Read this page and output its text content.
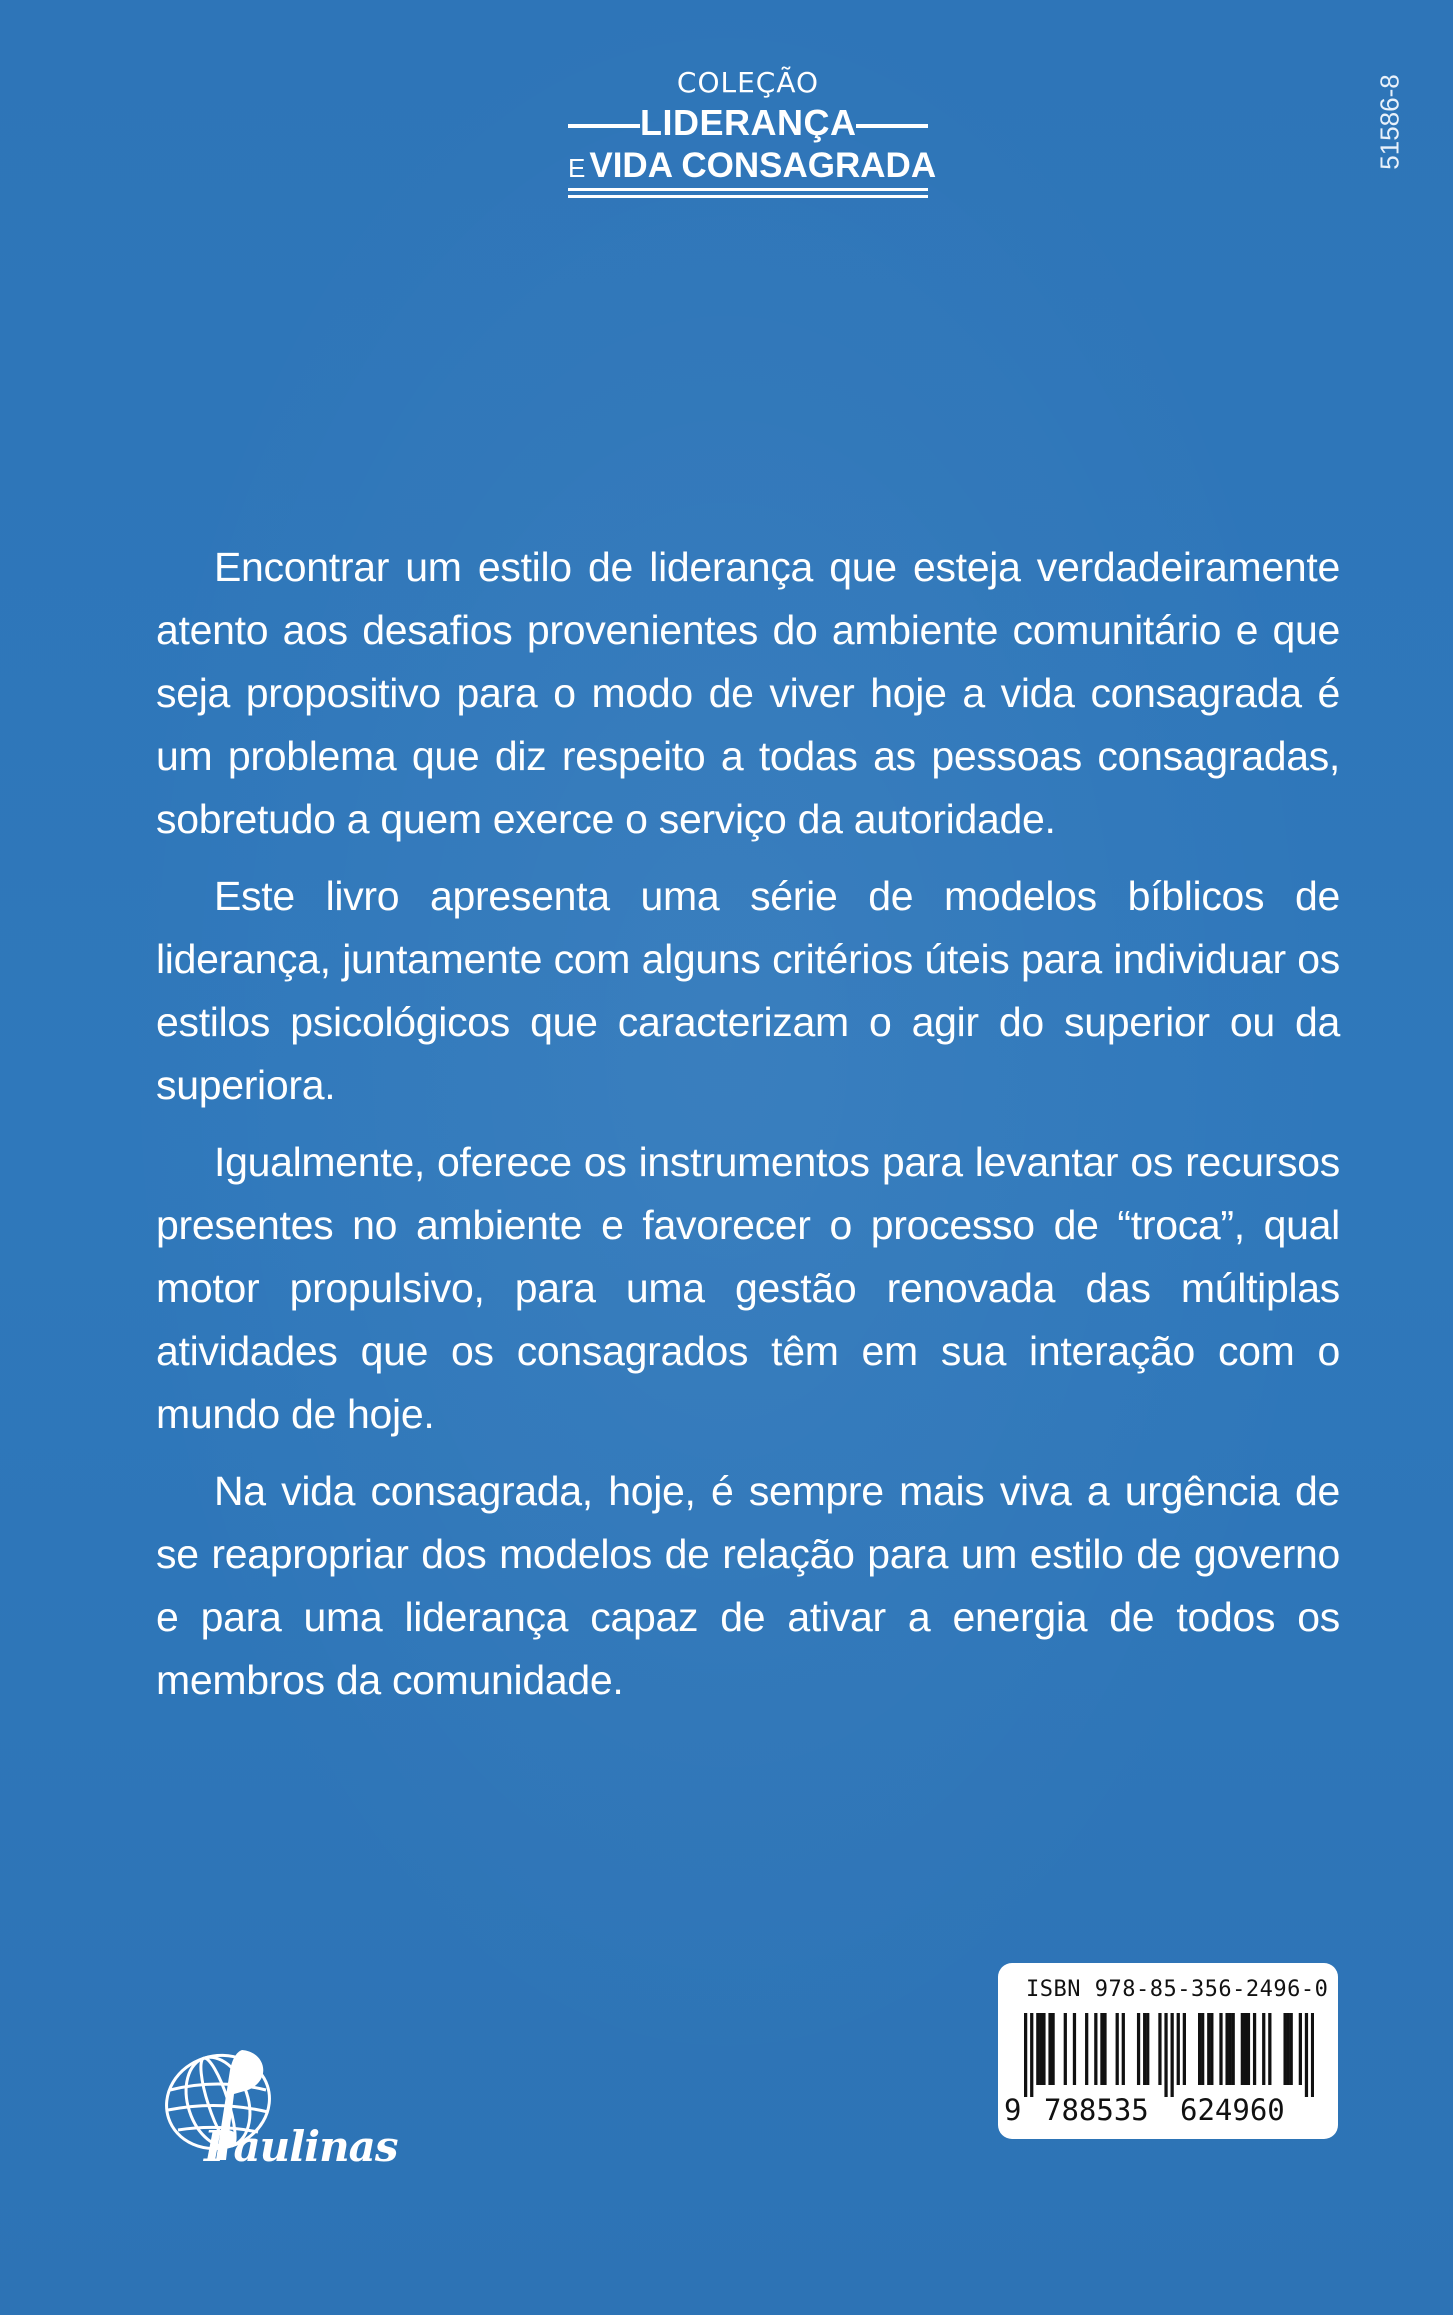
COLEÇÃO
LIDERANÇA
E VIDA CONSAGRADA	51586-8

Encontrar um estilo de liderança que esteja verdadeiramente atento aos desafios provenientes do ambiente comunitário e que seja propositivo para o modo de viver hoje a vida consagrada é um problema que diz respeito a todas as pessoas consagradas, sobretudo a quem exerce o serviço da autoridade.

Este livro apresenta uma série de modelos bíblicos de liderança, juntamente com alguns critérios úteis para individuar os estilos psicológicos que caracterizam o agir do superior ou da superiora.

Igualmente, oferece os instrumentos para levantar os recursos presentes no ambiente e favorecer o processo de “troca”, qual motor propulsivo, para uma gestão renovada das múltiplas atividades que os consagrados têm em sua interação com o mundo de hoje.

Na vida consagrada, hoje, é sempre mais viva a urgência de se reapropriar dos modelos de relação para um estilo de governo e para uma liderança capaz de ativar a energia de todos os membros da comunidade.

Paulinas
ISBN 978-85-356-2496-0
9 788535 624960
